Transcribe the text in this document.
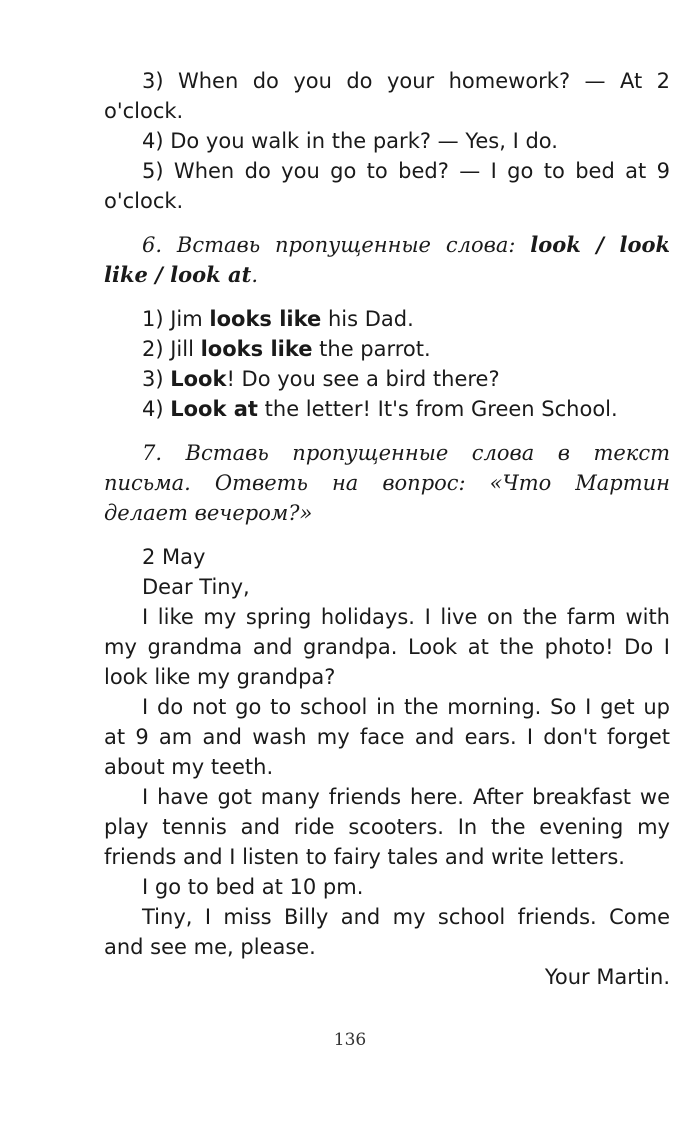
3) When do you do your homework? — At 2 o'clock.

4) Do you walk in the park? — Yes, I do.

5) When do you go to bed? — I go to bed at 9 o'clock.

6. Вставь пропущенные слова: look / look like / look at.

1) Jim looks like his Dad.

2) Jill looks like the parrot.

3) Look! Do you see a bird there?

4) Look at the letter! It's from Green School.

7. Вставь пропущенные слова в текст письма. Ответь на вопрос: «Что Мартин делает вечером?»

2 May

Dear Tiny,

I like my spring holidays. I live on the farm with my grandma and grandpa. Look at the photo! Do I look like my grandpa?

I do not go to school in the morning. So I get up at 9 am and wash my face and ears. I don't forget about my teeth.

I have got many friends here. After breakfast we play tennis and ride scooters. In the evening my friends and I listen to fairy tales and write letters.

I go to bed at 10 pm.

Tiny, I miss Billy and my school friends. Come and see me, please.

Your Martin.

136
